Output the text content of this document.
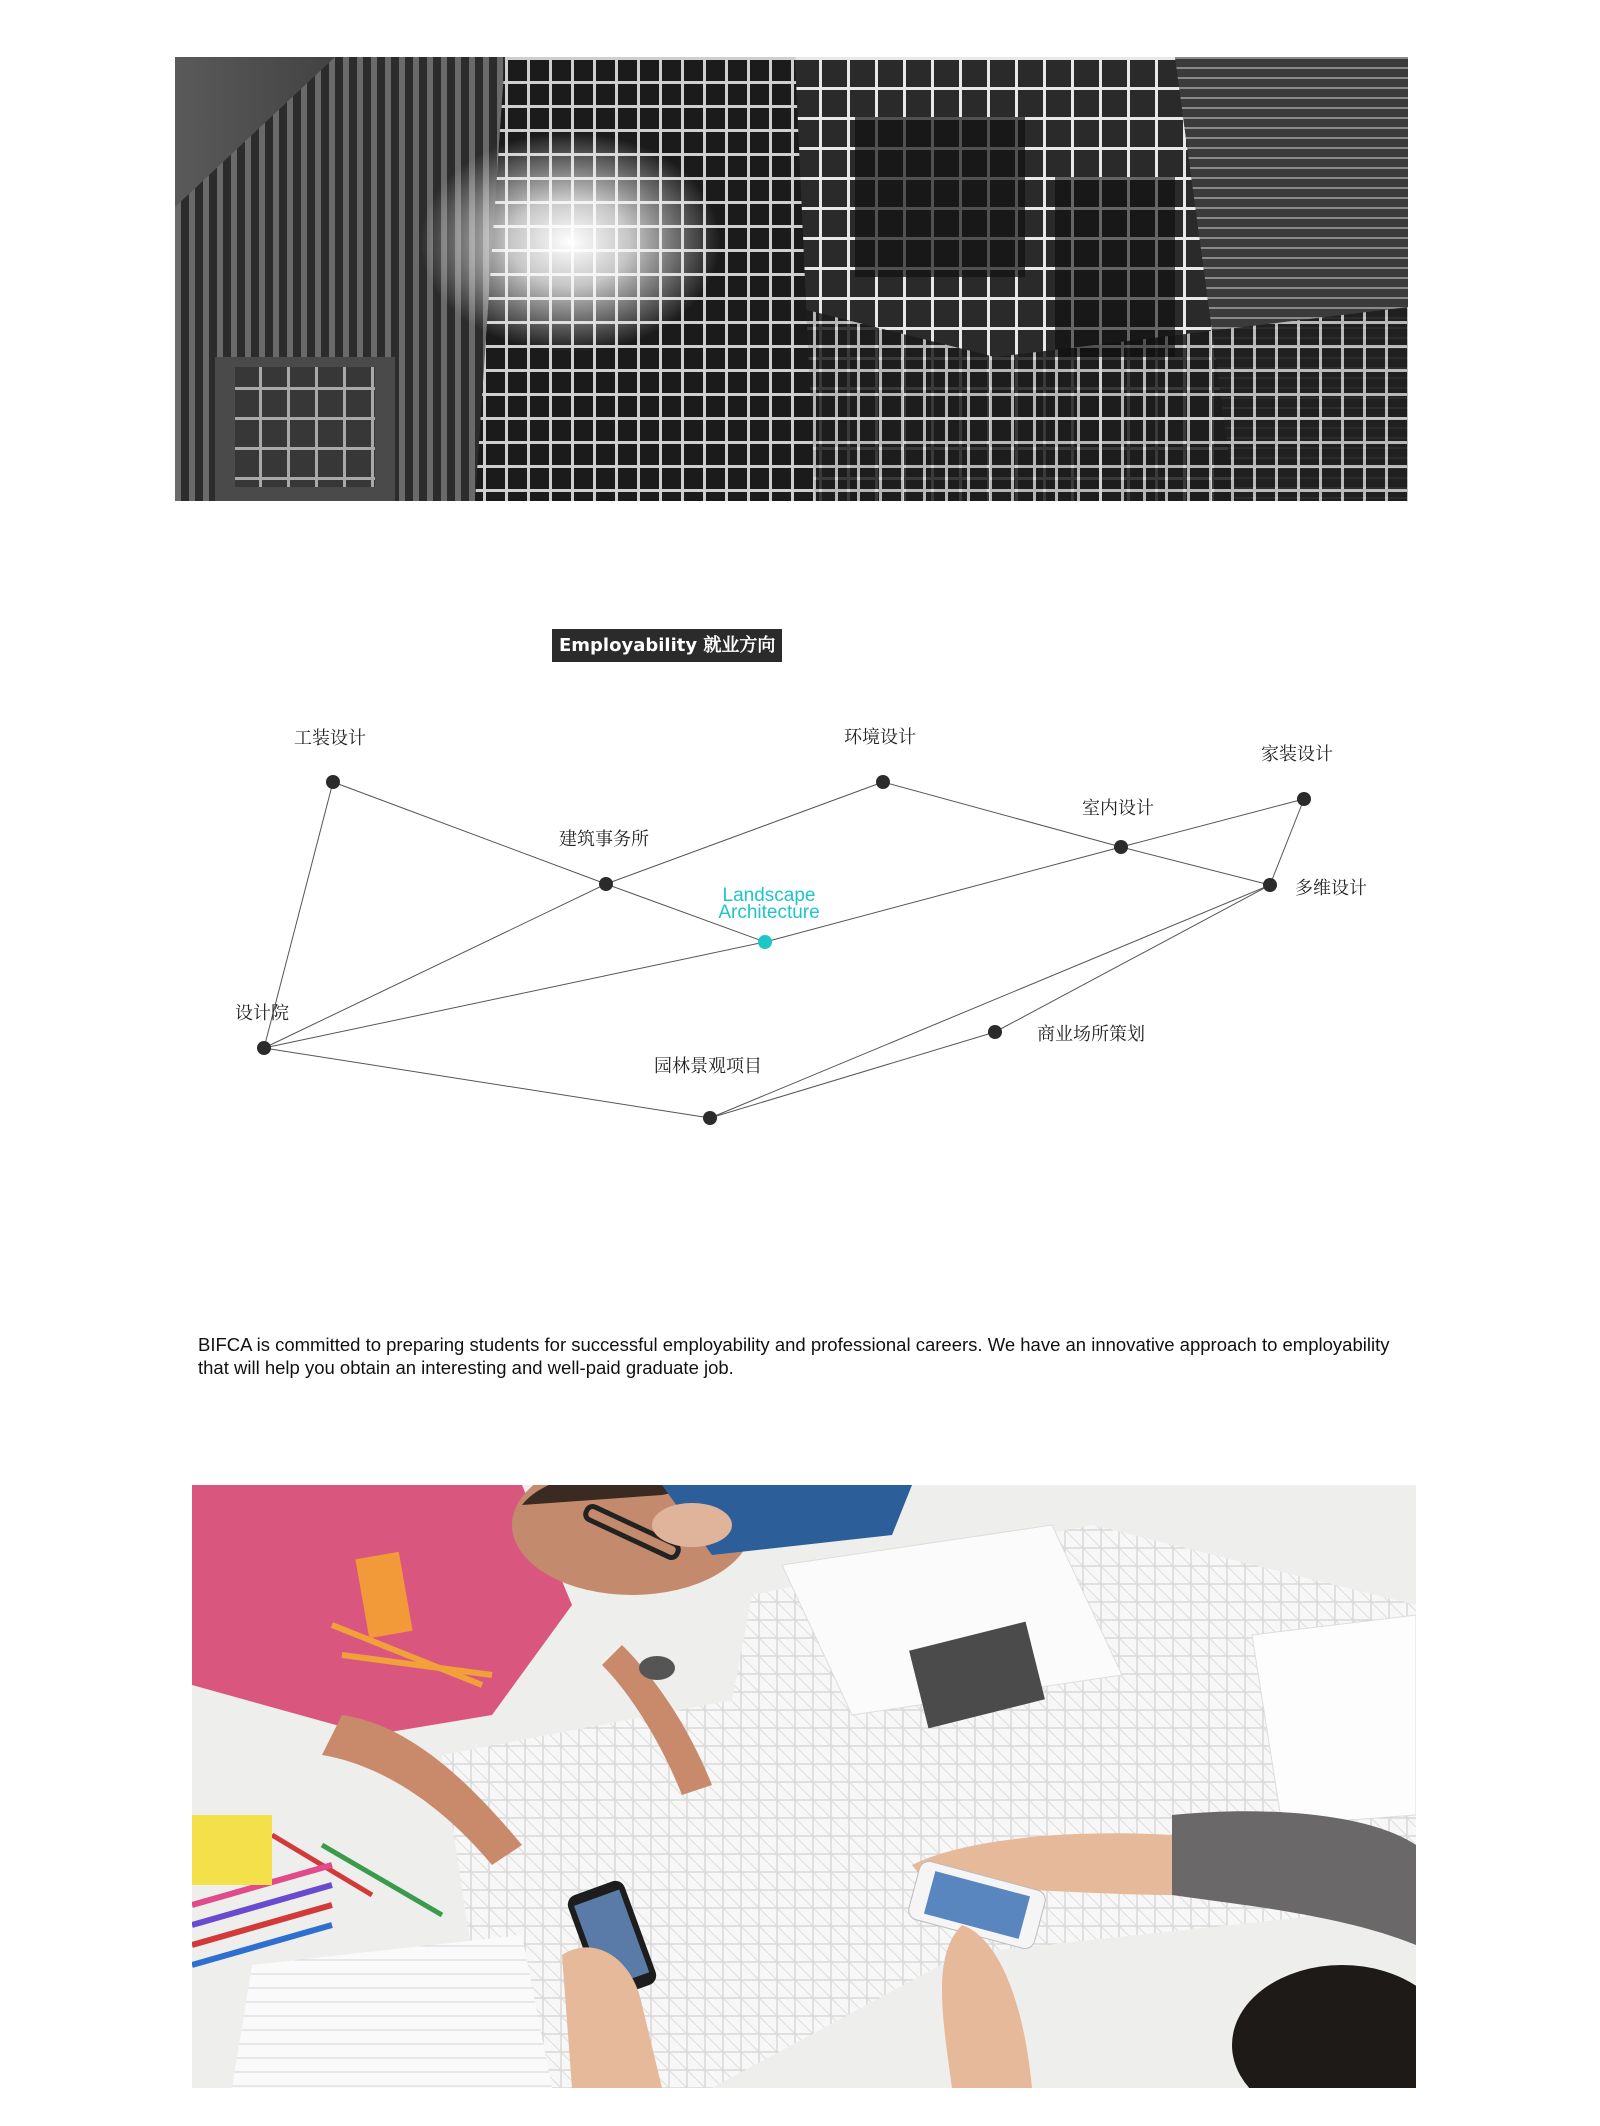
Employability 就业方向
工装设计	环境设计
家装设计
室内设计
建筑事务所
多维设计
设计院
商业场所策划
园林景观项目
Landscape
Architecture

BIFCA is committed to preparing students for successful employability and professional careers. We have an innovative approach to employability that will help you obtain an interesting and well-paid graduate job.
